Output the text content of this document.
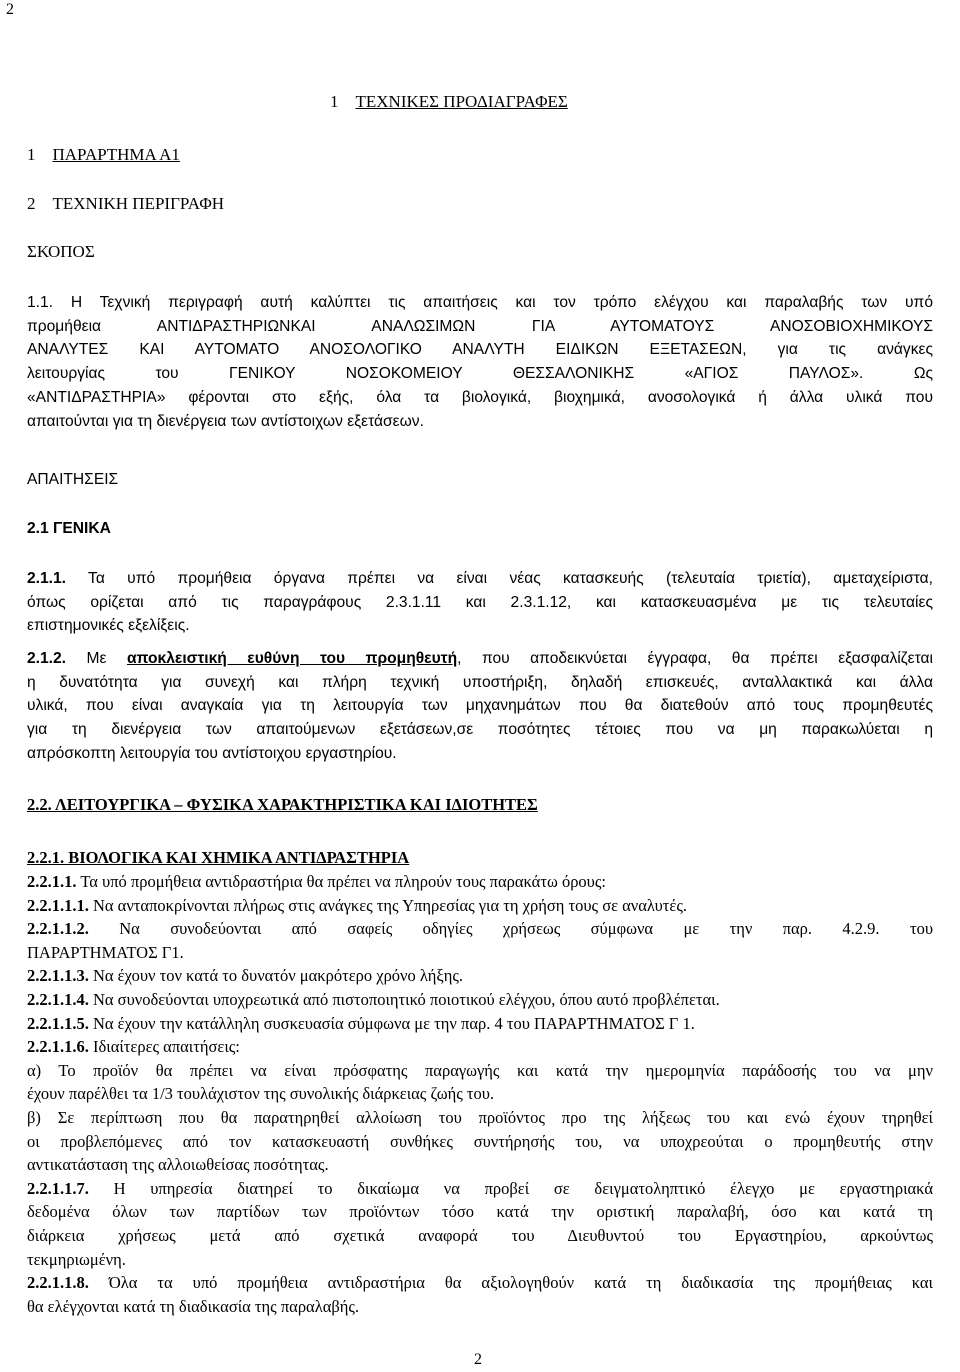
2
1 ΤΕΧΝΙΚΕΣ ΠΡΟΔΙΑΓΡΑΦΕΣ
1 ΠΑΡΑΡΤΗΜΑ Α1
2 ΤΕΧΝΙΚΗ ΠΕΡΙΓΡΑΦΗ
ΣΚΟΠΟΣ
1.1. Η Τεχνική περιγραφή αυτή καλύπτει τις απαιτήσεις και τον τρόπο ελέγχου και παραλαβής των υπό
προμήθεια ΑΝΤΙΔΡΑΣΤΗΡΙΩΝΚΑΙ ΑΝΑΛΩΣΙΜΩΝ ΓΙΑ ΑΥΤΟΜΑΤΟΥΣ ΑΝΟΣΟΒΙΟΧΗΜΙΚΟΥΣ
ΑΝΑΛΥΤΕΣ ΚΑΙ ΑΥΤΟΜΑΤΟ ΑΝΟΣΟΛΟΓΙΚΟ ΑΝΑΛΥΤΗ ΕΙΔΙΚΩΝ ΕΞΕΤΑΣΕΩΝ, για τις ανάγκες
λειτουργίας του ΓΕΝΙΚΟΥ ΝΟΣΟΚΟΜΕΙΟΥ ΘΕΣΣΑΛΟΝΙΚΗΣ «ΑΓΙΟΣ ΠΑΥΛΟΣ». Ως
«ΑΝΤΙΔΡΑΣΤΗΡΙΑ» φέρονται στο εξής, όλα τα βιολογικά, βιοχημικά, ανοσολογικά ή άλλα υλικά που
απαιτούνται για τη διενέργεια των αντίστοιχων εξετάσεων.
ΑΠΑΙΤΗΣΕΙΣ
2.1 ΓΕΝΙΚΑ
2.1.1. Τα υπό προμήθεια όργανα πρέπει να είναι νέας κατασκευής (τελευταία τριετία), αμεταχείριστα,
όπως ορίζεται από τις παραγράφους 2.3.1.11 και 2.3.1.12, και κατασκευασμένα με τις τελευταίες
επιστημονικές εξελίξεις.
2.1.2. Με αποκλειστική ευθύνη του προμηθευτή, που αποδεικνύεται έγγραφα, θα πρέπει εξασφαλίζεται
η δυνατότητα για συνεχή και πλήρη τεχνική υποστήριξη, δηλαδή επισκευές, ανταλλακτικά και άλλα
υλικά, που είναι αναγκαία για τη λειτουργία των μηχανημάτων που θα διατεθούν από τους προμηθευτές
για τη διενέργεια των απαιτούμενων εξετάσεων,σε ποσότητες τέτοιες που να μη παρακωλύεται η
απρόσκοπτη λειτουργία του αντίστοιχου εργαστηρίου.
2.2. ΛΕΙΤΟΥΡΓΙΚΑ – ΦΥΣΙΚΑ ΧΑΡΑΚΤΗΡΙΣΤΙΚΑ ΚΑΙ ΙΔΙΟΤΗΤΕΣ
2.2.1. ΒΙΟΛΟΓΙΚΑ ΚΑΙ ΧΗΜΙΚΑ ΑΝΤΙΔΡΑΣΤΗΡΙΑ
2.2.1.1. Τα υπό προμήθεια αντιδραστήρια θα πρέπει να πληρούν τους παρακάτω όρους:
2.2.1.1.1. Να ανταποκρίνονται πλήρως στις ανάγκες της Υπηρεσίας για τη χρήση τους σε αναλυτές.
2.2.1.1.2. Να συνοδεύονται από σαφείς οδηγίες χρήσεως σύμφωνα με την παρ. 4.2.9. του
ΠΑΡΑΡΤΗΜΑΤΟΣ Γ1.
2.2.1.1.3. Να έχουν τον κατά το δυνατόν μακρότερο χρόνο λήξης.
2.2.1.1.4. Να συνοδεύονται υποχρεωτικά από πιστοποιητικό ποιοτικού ελέγχου, όπου αυτό προβλέπεται.
2.2.1.1.5. Να έχουν την κατάλληλη συσκευασία σύμφωνα με την παρ. 4 του ΠΑΡΑΡΤΗΜΑΤΟΣ Γ 1.
2.2.1.1.6. Ιδιαίτερες απαιτήσεις:
α) Το προϊόν θα πρέπει να είναι πρόσφατης παραγωγής και κατά την ημερομηνία παράδοσής του να μην
έχουν παρέλθει τα 1/3 τουλάχιστον της συνολικής διάρκειας ζωής του.
β) Σε περίπτωση που θα παρατηρηθεί αλλοίωση του προϊόντος προ της λήξεως του και ενώ έχουν τηρηθεί
οι προβλεπόμενες από τον κατασκευαστή συνθήκες συντήρησής του, να υποχρεούται ο προμηθευτής στην
αντικατάσταση της αλλοιωθείσας ποσότητας.
2.2.1.1.7. Η υπηρεσία διατηρεί το δικαίωμα να προβεί σε δειγματοληπτικό έλεγχο με εργαστηριακά
δεδομένα όλων των παρτίδων των προϊόντων τόσο κατά την οριστική παραλαβή, όσο και κατά τη
διάρκεια χρήσεως μετά από σχετικά αναφορά του Διευθυντού του Εργαστηρίου, αρκούντως
τεκμηριωμένη.
2.2.1.1.8. Όλα τα υπό προμήθεια αντιδραστήρια θα αξιολογηθούν κατά τη διαδικασία της προμήθειας και
θα ελέγχονται κατά τη διαδικασία της παραλαβής.
2
